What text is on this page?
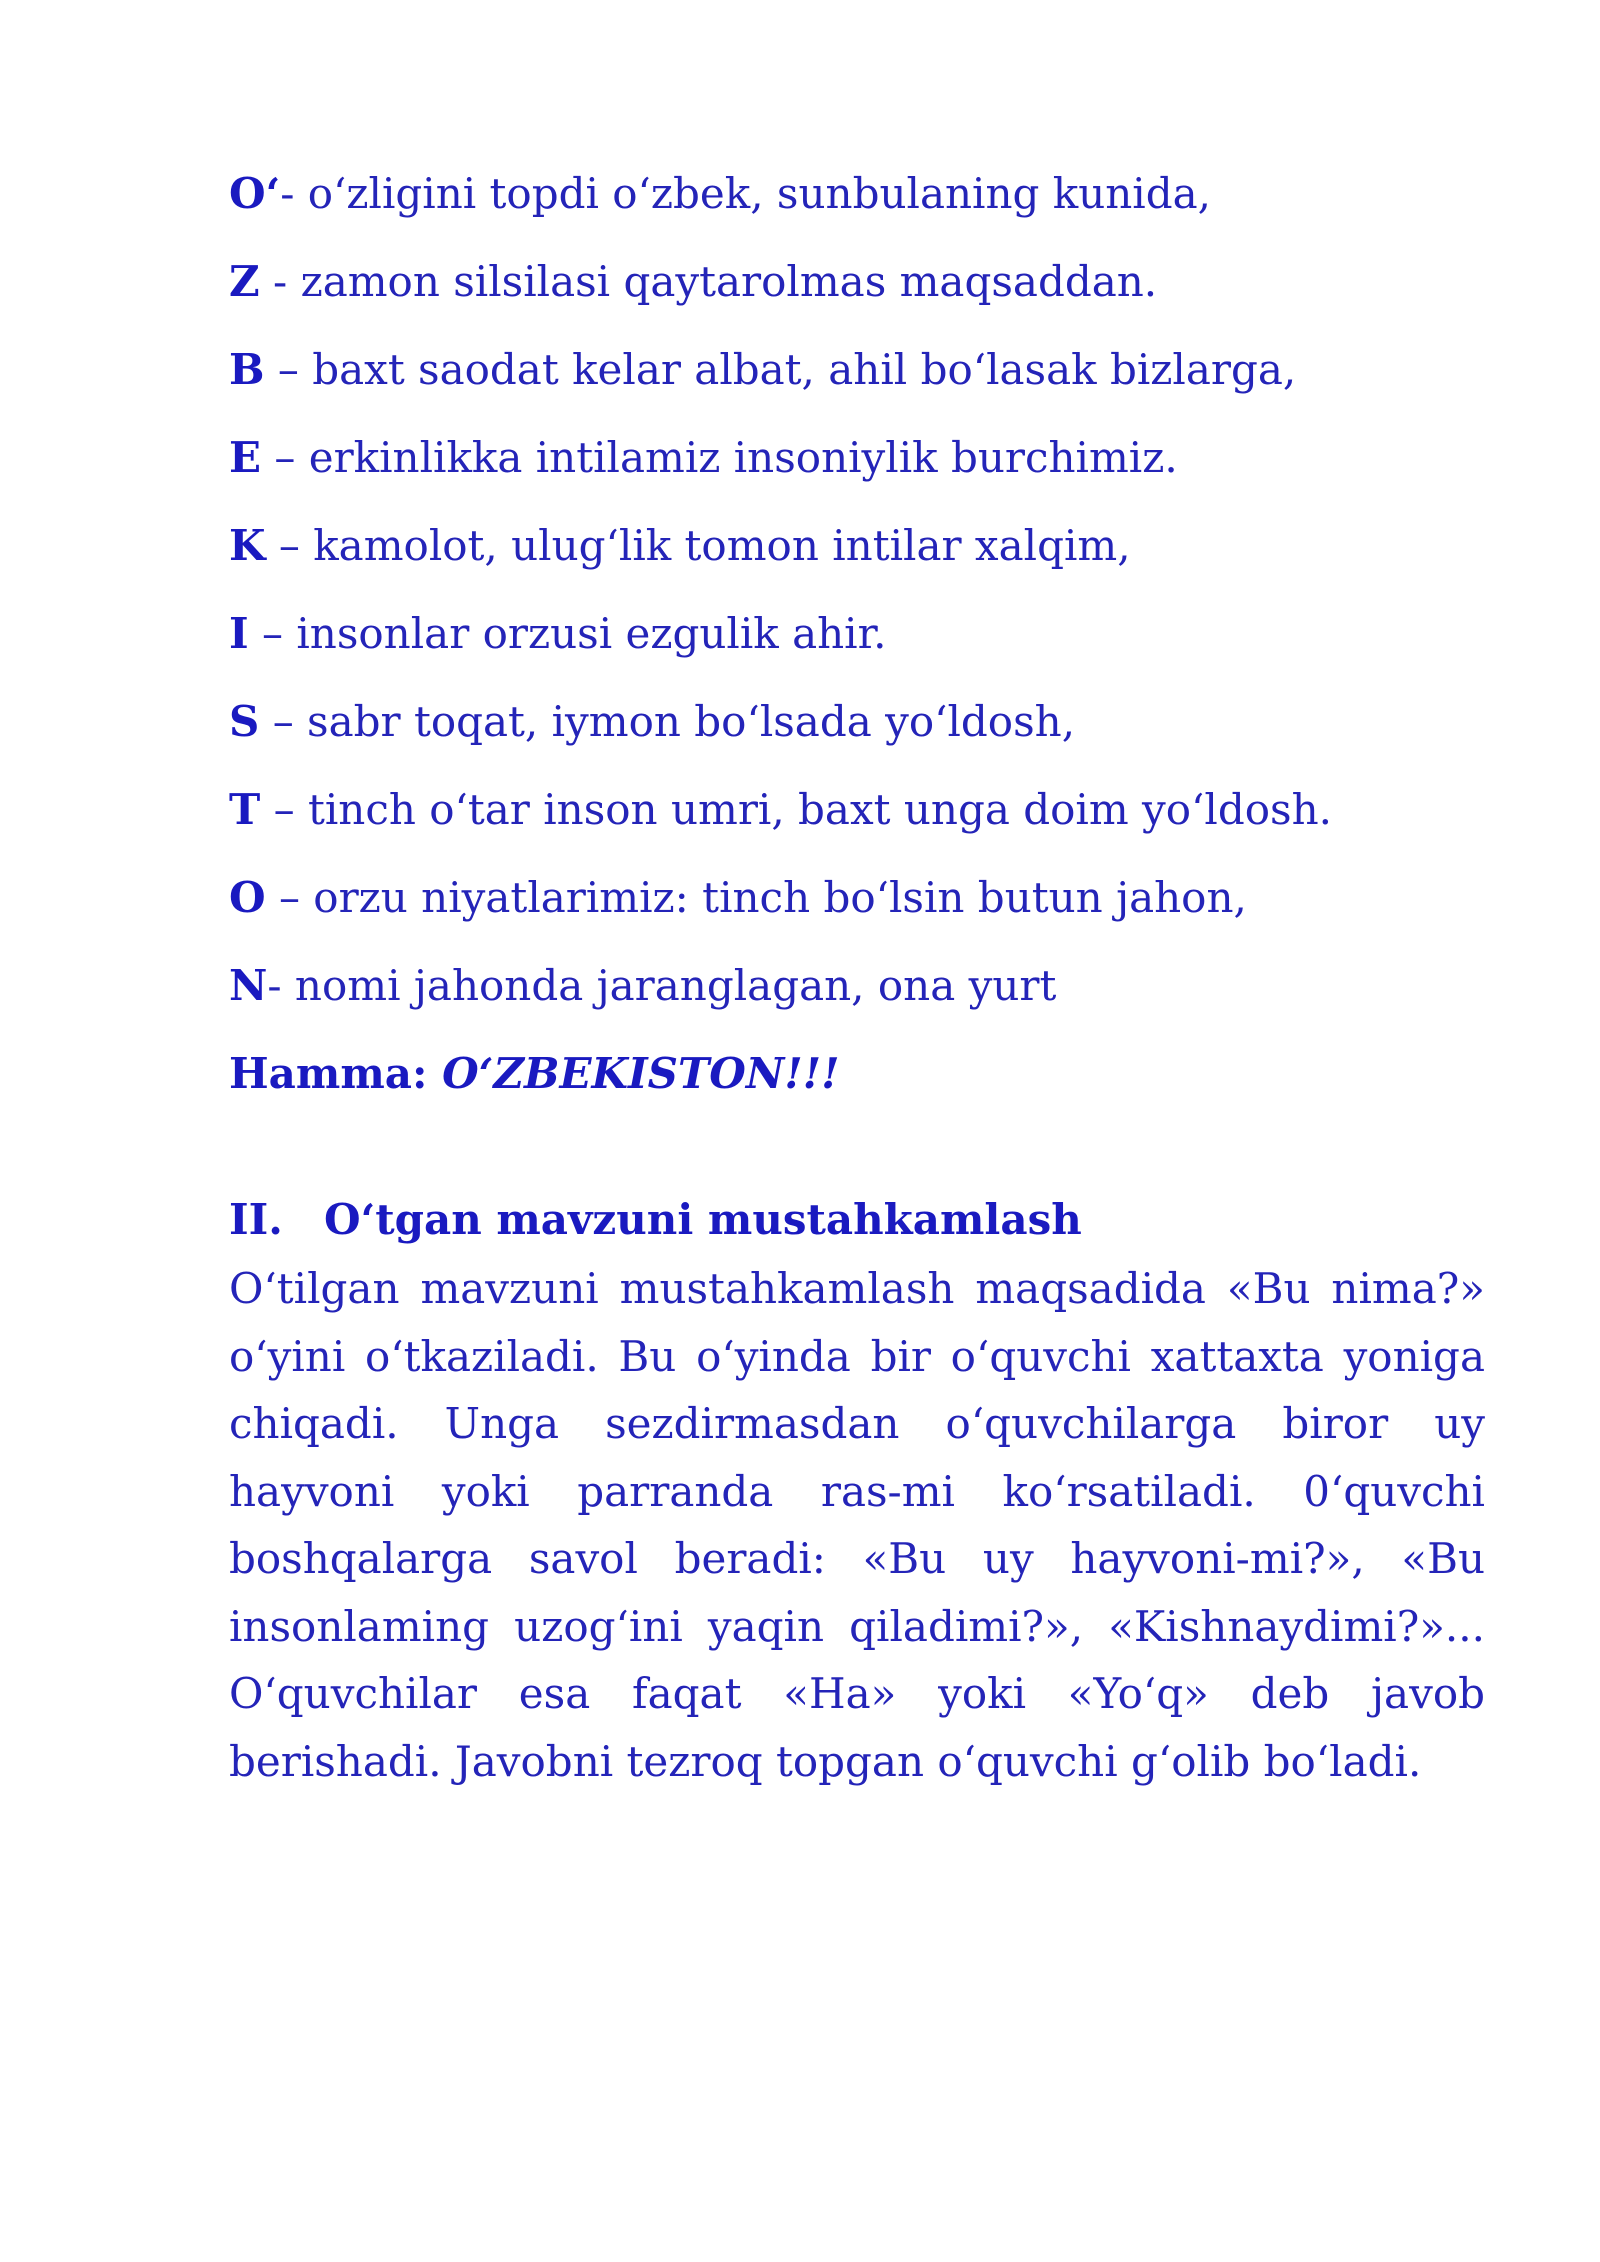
O‘- o‘zligini topdi o‘zbek, sunbulaning kunida,
Z - zamon silsilasi qaytarolmas maqsaddan.
B – baxt saodat kelar albat, ahil bo‘lasak bizlarga,
E – erkinlikka intilamiz insoniylik burchimiz.
K – kamolot, ulug‘lik tomon intilar xalqim,
I – insonlar orzusi ezgulik ahir.
S – sabr toqat, iymon bo‘lsada yo‘ldosh,
T – tinch o‘tar inson umri, baxt unga doim yo‘ldosh.
O – orzu niyatlarimiz: tinch bo‘lsin butun jahon,
N- nomi jahonda jaranglagan, ona yurt
Hamma: O‘ZBEKISTON!!!
II. O‘tgan mavzuni mustahkamlash

O‘tilgan mavzuni mustahkamlash maqsadida «Bu nima?» o‘yini o‘tkaziladi. Bu o‘yinda bir o‘quvchi xattaxta yoniga chiqadi. Unga sezdirmasdan o‘quvchilarga biror uy hayvoni yoki parranda ras-mi ko‘rsatiladi. 0‘quvchi boshqalarga savol beradi: «Bu uy hayvoni-mi?», «Bu insonlaming uzog‘ini yaqin qiladimi?», «Kishnaydimi?»... O‘quvchilar esa faqat «Ha» yoki «Yo‘q» deb javob berishadi. Javobni tezroq topgan o‘quvchi g‘olib bo‘ladi.
